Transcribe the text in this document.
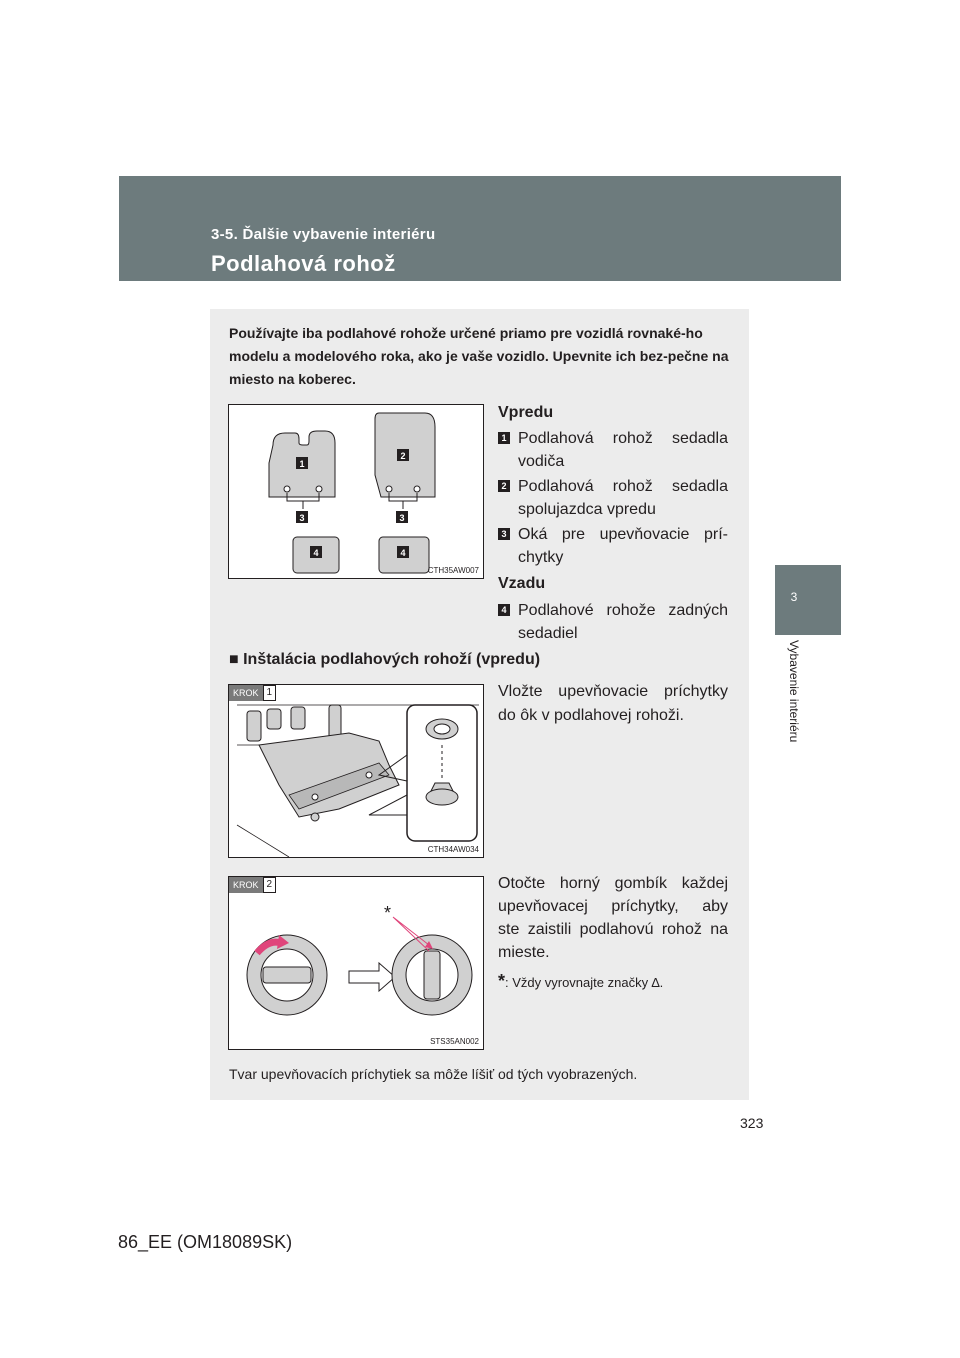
3-5. Ďalšie vybavenie interiéru
Podlahová rohož
3
Vybavenie interiéru
Používajte iba podlahové rohože určené priamo pre vozidlá rovnaké-ho modelu a modelového roka, ako je vaše vozidlo. Upevnite ich bez-pečne na miesto na koberec.
1
2
3	3
4	4
CTH35AW007
Vpredu
1 Podlahová rohož sedadla
vodiča
2 Podlahová rohož sedadla
spolujazdca vpredu
3 Oká pre upevňovacie prí-
chytky
Vzadu
4 Podlahové rohože zadných
sedadiel
■ Inštalácia podlahových rohoží (vpredu)
KROK 1
CTH34AW034
Vložte upevňovacie príchytky
do ôk v podlahovej rohoži.
KROK 2
*
STS35AN002
Otočte horný gombík každej
upevňovacej príchytky, aby
ste zaistili podlahovú rohož na
mieste.
*: Vždy vyrovnajte značky ∆.
Tvar upevňovacích príchytiek sa môže líšiť od tých vyobrazených.
323
86_EE (OM18089SK)
